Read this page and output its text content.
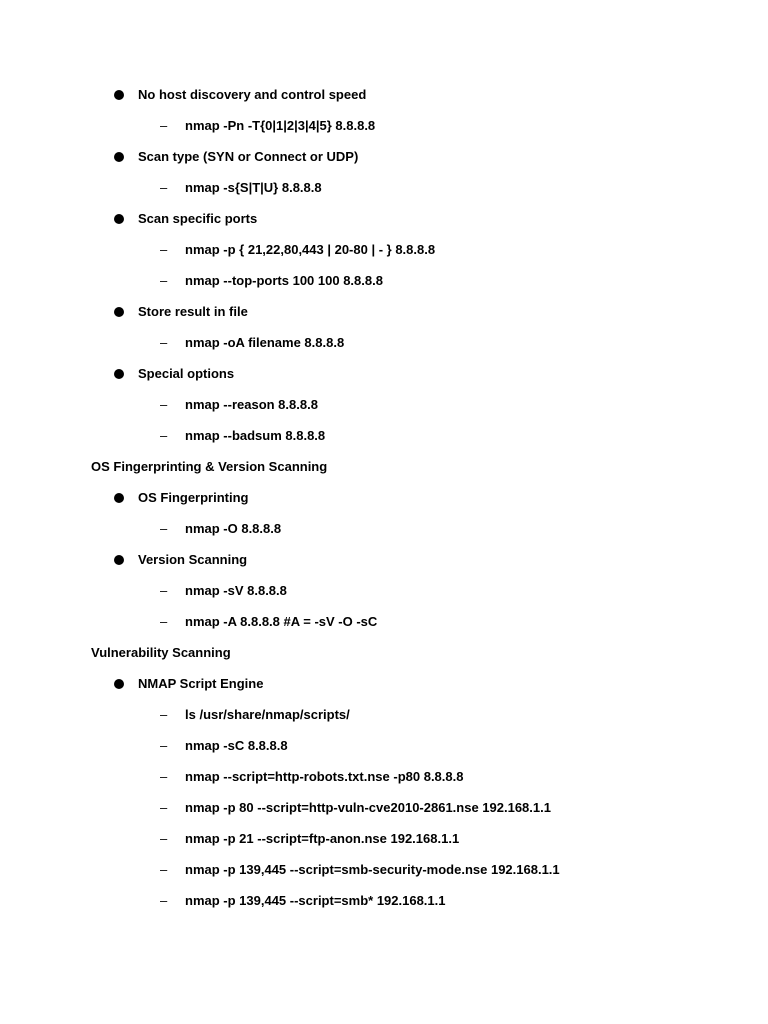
No host discovery and control speed
– nmap -Pn -T{0|1|2|3|4|5} 8.8.8.8
Scan type (SYN or Connect or UDP)
– nmap -s{S|T|U} 8.8.8.8
Scan specific ports
– nmap -p { 21,22,80,443 | 20-80 | - } 8.8.8.8
– nmap --top-ports 100 100 8.8.8.8
Store result in file
– nmap -oA filename 8.8.8.8
Special options
– nmap --reason 8.8.8.8
– nmap --badsum 8.8.8.8
OS Fingerprinting & Version Scanning
OS Fingerprinting
– nmap -O 8.8.8.8
Version Scanning
– nmap -sV 8.8.8.8
– nmap -A 8.8.8.8 #A = -sV -O -sC
Vulnerability Scanning
NMAP Script Engine
– ls /usr/share/nmap/scripts/
– nmap -sC 8.8.8.8
– nmap --script=http-robots.txt.nse -p80 8.8.8.8
– nmap -p 80 --script=http-vuln-cve2010-2861.nse 192.168.1.1
– nmap -p 21 --script=ftp-anon.nse 192.168.1.1
– nmap -p 139,445 --script=smb-security-mode.nse 192.168.1.1
– nmap -p 139,445 --script=smb* 192.168.1.1
